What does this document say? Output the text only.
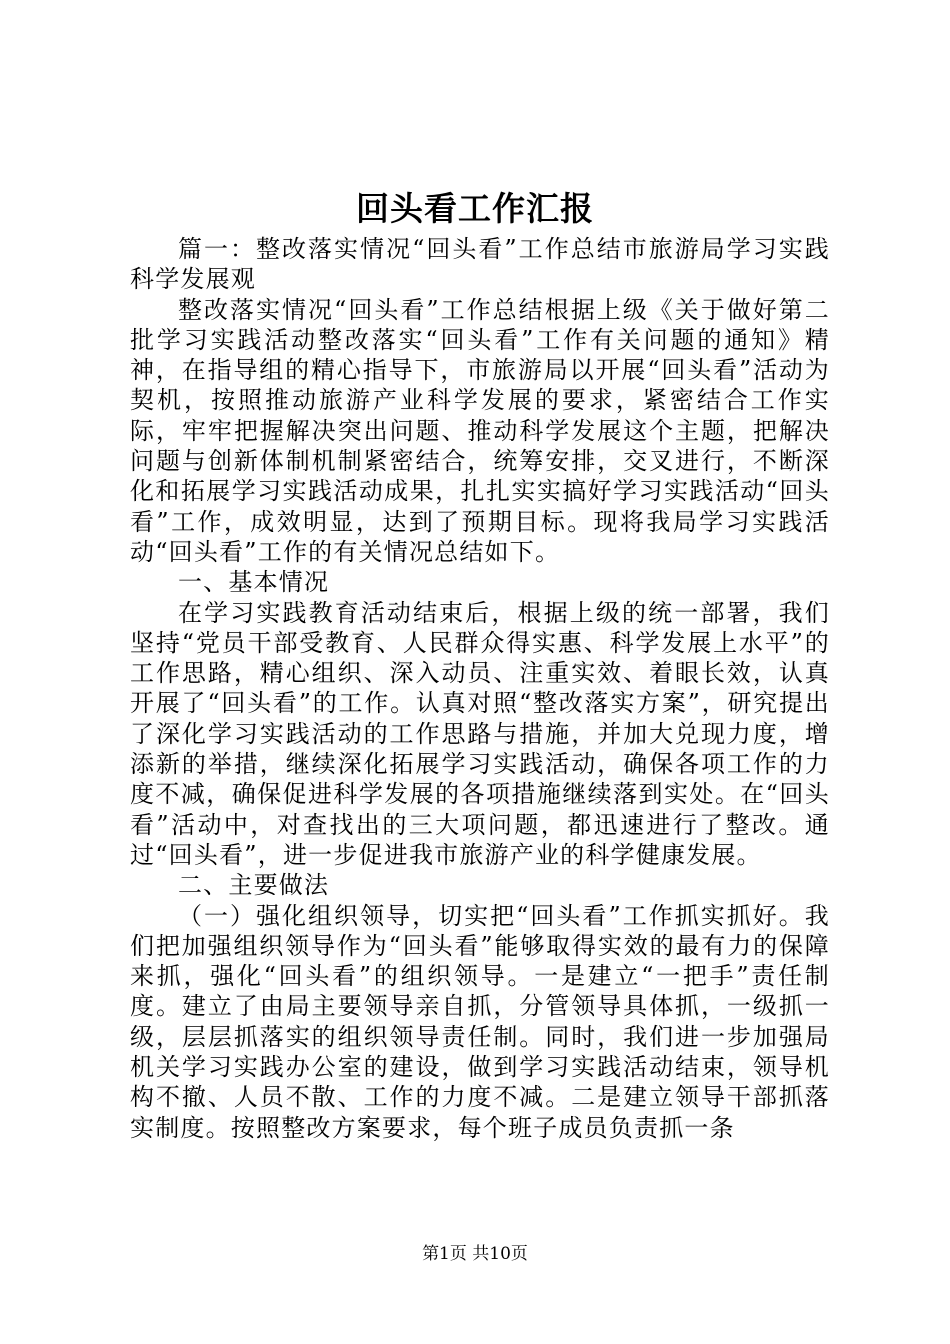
回头看工作汇报

篇一：整改落实情况“回头看”工作总结市旅游局学习实践科学发展观

整改落实情况“回头看”工作总结根据上级《关于做好第二批学习实践活动整改落实“回头看”工作有关问题的通知》精神，在指导组的精心指导下，市旅游局以开展“回头看”活动为契机，按照推动旅游产业科学发展的要求，紧密结合工作实际，牢牢把握解决突出问题、推动科学发展这个主题，把解决问题与创新体制机制紧密结合，统筹安排，交叉进行，不断深化和拓展学习实践活动成果，扎扎实实搞好学习实践活动“回头看”工作，成效明显，达到了预期目标。现将我局学习实践活动“回头看”工作的有关情况总结如下。

一、基本情况

在学习实践教育活动结束后，根据上级的统一部署，我们坚持“党员干部受教育、人民群众得实惠、科学发展上水平”的工作思路，精心组织、深入动员、注重实效、着眼长效，认真开展了“回头看”的工作。认真对照“整改落实方案”，研究提出了深化学习实践活动的工作思路与措施，并加大兑现力度，增添新的举措，继续深化拓展学习实践活动，确保各项工作的力度不减，确保促进科学发展的各项措施继续落到实处。在“回头看”活动中，对查找出的三大项问题，都迅速进行了整改。通过“回头看”，进一步促进我市旅游产业的科学健康发展。

二、主要做法

（一）强化组织领导，切实把“回头看”工作抓实抓好。我们把加强组织领导作为“回头看”能够取得实效的最有力的保障来抓，强化“回头看”的组织领导。一是建立“一把手”责任制度。建立了由局主要领导亲自抓，分管领导具体抓，一级抓一级，层层抓落实的组织领导责任制。同时，我们进一步加强局机关学习实践办公室的建设，做到学习实践活动结束，领导机构不撤、人员不散、工作的力度不减。二是建立领导干部抓落实制度。按照整改方案要求，每个班子成员负责抓一条

第1页 共10页
